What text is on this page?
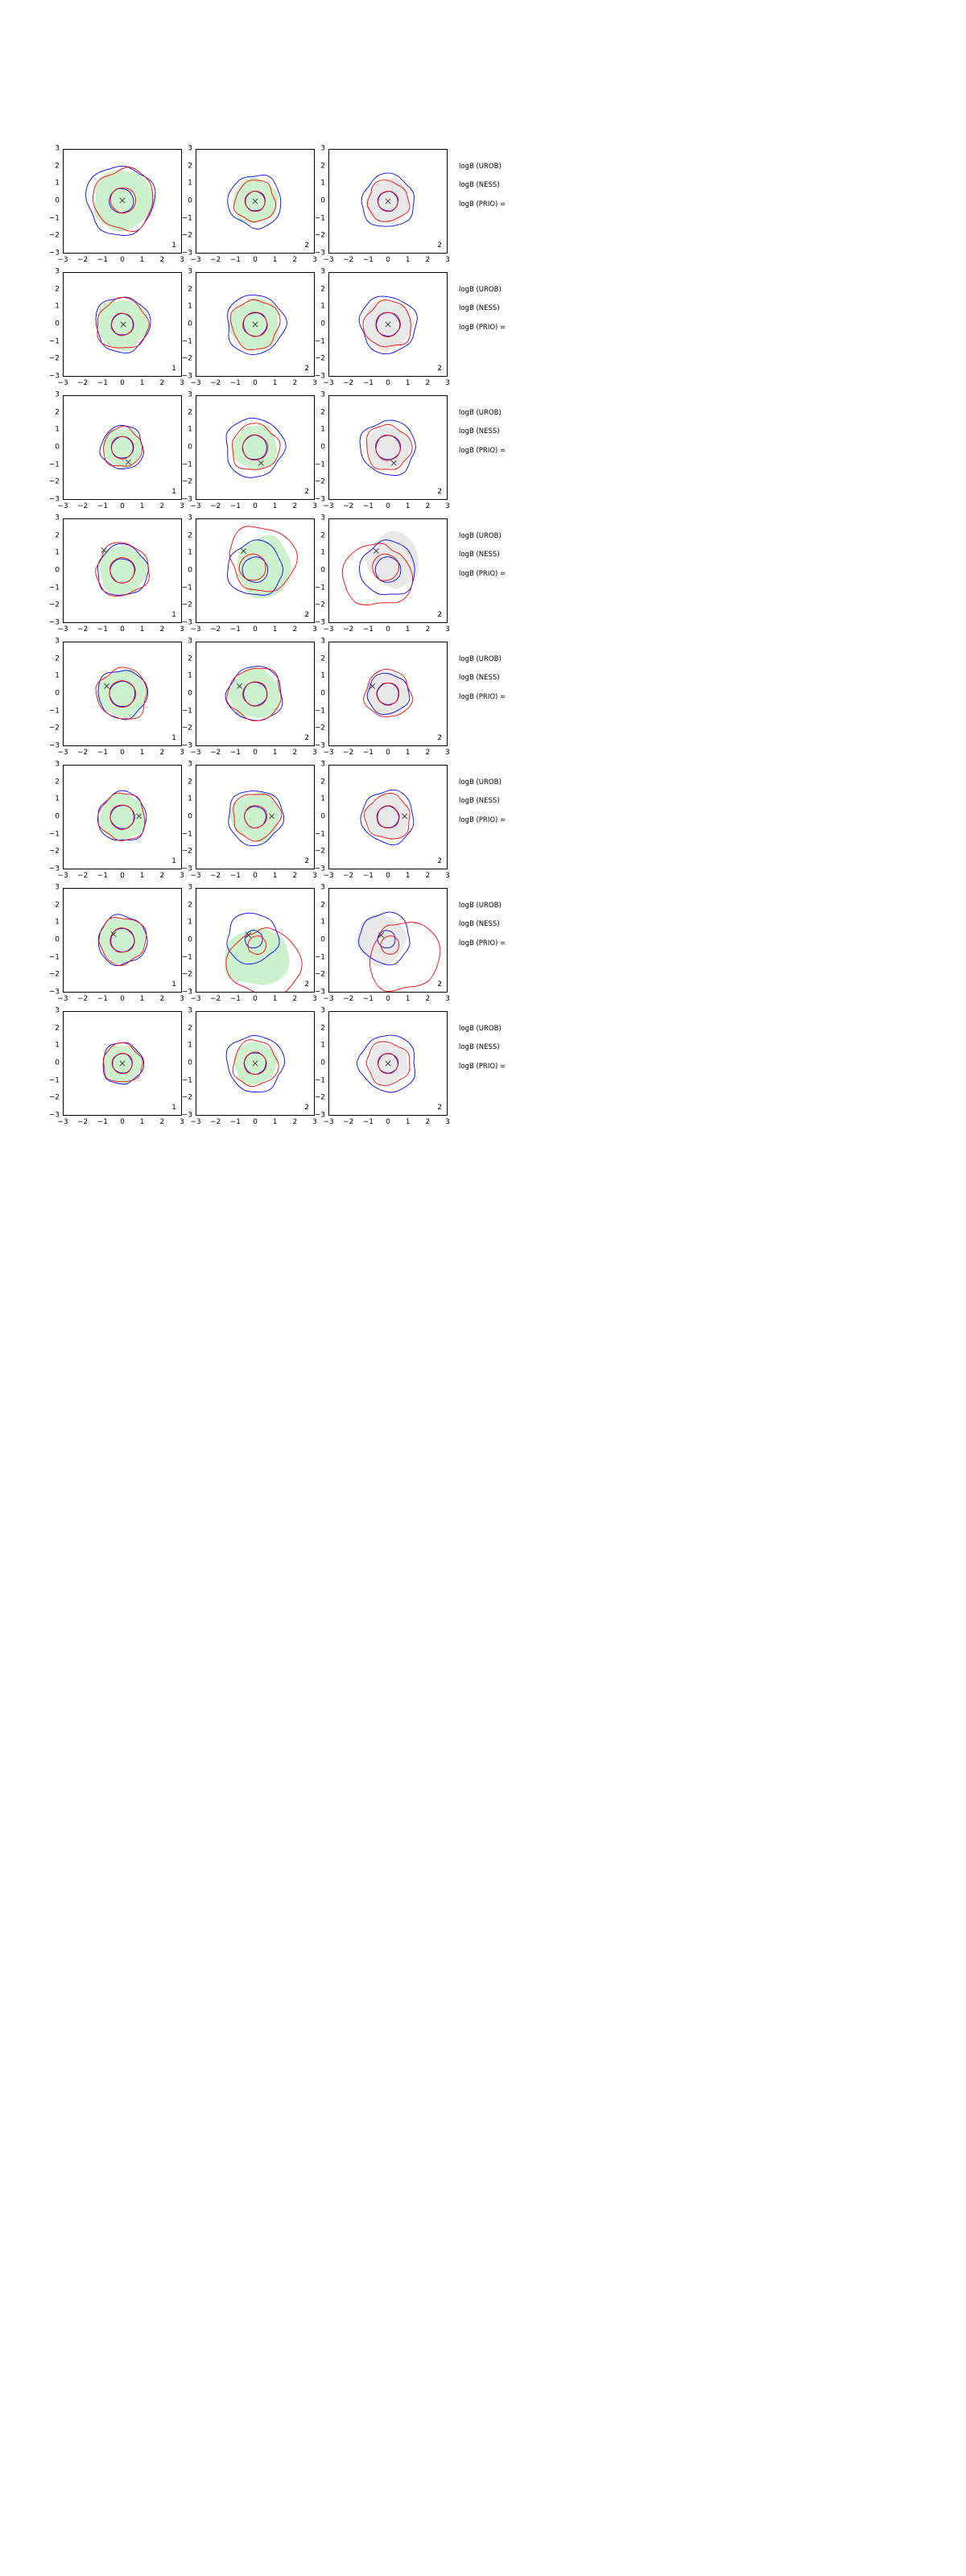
1
3
2
1
0
−1
−2
−3
−3 −2 −1 0 1 2 3
2
3
2
1
0
−1
−2
−3
−3 −2 −1 0 1 2 3
2
3
2
1
0
−1
−2
−3
−3 −2 −1 0 1 2 3
logB (UROB)
logB (NESS)
logB (PRIO) =
1
3
2
1
0
−1
−2
−3
−3 −2 −1 0 1 2 3
2
3
2
1
0
−1
−2
−3
−3 −2 −1 0 1 2 3
2
3
2
1
0
−1
−2
−3
−3 −2 −1 0 1 2 3
logB (UROB)
logB (NESS)
logB (PRIO) =
1
3
2
1
0
−1
−2
−3
−3 −2 −1 0 1 2 3
2
3
2
1
0
−1
−2
−3
−3 −2 −1 0 1 2 3
2
3
2
1
0
−1
−2
−3
−3 −2 −1 0 1 2 3
logB (UROB)
logB (NESS)
logB (PRIO) =
1
3
2
1
0
−1
−2
−3
−3 −2 −1 0 1 2 3
2
3
2
1
0
−1
−2
−3
−3 −2 −1 0 1 2 3
2
3
2
1
0
−1
−2
−3
−3 −2 −1 0 1 2 3
logB (UROB)
logB (NESS)
logB (PRIO) =
1
3
2
1
0
−1
−2
−3
−3 −2 −1 0 1 2 3
2
3
2
1
0
−1
−2
−3
−3 −2 −1 0 1 2 3
2
3
2
1
0
−1
−2
−3
−3 −2 −1 0 1 2 3
logB (UROB)
logB (NESS)
logB (PRIO) =
1
3
2
1
0
−1
−2
−3
−3 −2 −1 0 1 2 3
2
3
2
1
0
−1
−2
−3
−3 −2 −1 0 1 2 3
2
3
2
1
0
−1
−2
−3
−3 −2 −1 0 1 2 3
logB (UROB)
logB (NESS)
logB (PRIO) =
1
3
2
1
0
−1
−2
−3
−3 −2 −1 0 1 2 3
2
3
2
1
0
−1
−2
−3
−3 −2 −1 0 1 2 3
2
3
2
1
0
−1
−2
−3
−3 −2 −1 0 1 2 3
logB (UROB)
logB (NESS)
logB (PRIO) =
1
3
2
1
0
−1
−2
−3
−3 −2 −1 0 1 2 3
2
3
2
1
0
−1
−2
−3
−3 −2 −1 0 1 2 3
2
3
2
1
0
−1
−2
−3
−3 −2 −1 0 1 2 3
logB (UROB)
logB (NESS)
logB (PRIO) =
